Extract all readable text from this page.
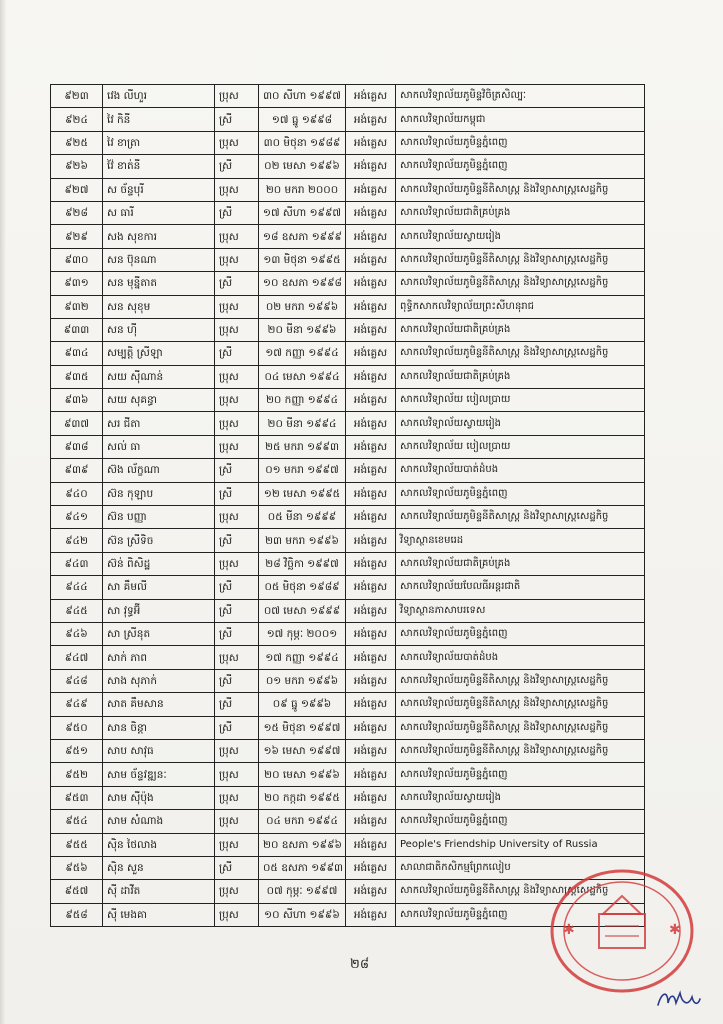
៩២៣	វេង លីហួរ	ប្រុស	៣០ សីហា ១៩៩៧	អង់គ្លេស	សាកលវិទ្យាល័យភូមិន្ទវិចិត្រសិល្បៈ
៩២៤	វៃ កិនី	ស្រី	១៧ ធ្នូ ១៩៩៨	អង់គ្លេស	សាកលវិទ្យាល័យកម្ពុជា
៩២៥	វៃ ខាត្រា	ប្រុស	៣០ មិថុនា ១៩៨៩	អង់គ្លេស	សាកលវិទ្យាល័យភូមិន្ទភ្នំពេញ
៩២៦	វ៉ៃ ខាត់នី	ស្រី	០២ មេសា ១៩៩៦	អង់គ្លេស	សាកលវិទ្យាល័យភូមិន្ទភ្នំពេញ
៩២៧	ស ច័ន្ទបុរី	ប្រុស	២០ មករា ២០០០	អង់គ្លេស	សាកលវិទ្យាល័យភូមិន្ទនីតិសាស្ត្រ និងវិទ្យាសាស្ត្រសេដ្ឋកិច្ច
៩២៨	ស ធារី	ស្រី	១៧ សីហា ១៩៩៧	អង់គ្លេស	សាកលវិទ្យាល័យជាតិគ្រប់គ្រង
៩២៩	សង សុខការ	ប្រុស	១៨ ឧសភា ១៩៩៩	អង់គ្លេស	សាកលវិទ្យាល័យស្វាយរៀង
៩៣០	សន ប៊ុនណា	ប្រុស	១៣ មិថុនា ១៩៩៥	អង់គ្លេស	សាកលវិទ្យាល័យភូមិន្ទនីតិសាស្ត្រ និងវិទ្យាសាស្ត្រសេដ្ឋកិច្ច
៩៣១	សន មុន្នីតាត	ស្រី	១០ ឧសភា ១៩៩៨	អង់គ្លេស	សាកលវិទ្យាល័យភូមិន្ទនីតិសាស្ត្រ និងវិទ្យាសាស្ត្រសេដ្ឋកិច្ច
៩៣២	សន សុខុម	ប្រុស	០២ មករា ១៩៩៦	អង់គ្លេស	ពុទ្ធិកសាកលវិទ្យាល័យព្រះសីហនុរាជ
៩៣៣	សន ហ៊ី	ប្រុស	២០ មីនា ១៩៩៦	អង់គ្លេស	សាកលវិទ្យាល័យជាតិគ្រប់គ្រង
៩៣៤	សម្បត្តិ ស្រីឡា	ស្រី	១៧ កញ្ញា ១៩៩៤	អង់គ្លេស	សាកលវិទ្យាល័យភូមិន្ទនីតិសាស្ត្រ និងវិទ្យាសាស្ត្រសេដ្ឋកិច្ច
៩៣៥	សយ ស៊ីណាន់	ប្រុស	០៤ មេសា ១៩៩៤	អង់គ្លេស	សាកលវិទ្យាល័យជាតិគ្រប់គ្រង
៩៣៦	សយ សុគន្ធា	ប្រុស	២០ កញ្ញា ១៩៩៤	អង់គ្លេស	សាកលវិទ្យាល័យ បៀលប្រាយ
៩៣៧	សរ ជីតា	ប្រុស	២០ មីនា ១៩៩៤	អង់គ្លេស	សាកលវិទ្យាល័យស្វាយរៀង
៩៣៨	សល់ ធា	ប្រុស	២៥ មករា ១៩៩៣	អង់គ្លេស	សាកលវិទ្យាល័យ បៀលប្រាយ
៩៣៩	ស៊ង ល័ក្ខណា	ស្រី	០១ មករា ១៩៩៧	អង់គ្លេស	សាកលវិទ្យាល័យបាត់ដំបង
៩៤០	ស៊ន កុឡាប	ស្រី	១២ មេសា ១៩៩៥	អង់គ្លេស	សាកលវិទ្យាល័យភូមិន្ទភ្នំពេញ
៩៤១	ស៊ន បញ្ញា	ប្រុស	០៥ មីនា ១៩៩៩	អង់គ្លេស	សាកលវិទ្យាល័យភូមិន្ទនីតិសាស្ត្រ និងវិទ្យាសាស្ត្រសេដ្ឋកិច្ច
៩៤២	ស៊ន ស្រីទិច	ស្រី	២៣ មករា ១៩៩៦	អង់គ្លេស	វិទ្យាស្ថានខេមរេដ
៩៤៣	ស៊ន់ ពិសិដ្ឋ	ប្រុស	២៨ វិច្ឆិកា ១៩៩៧	អង់គ្លេស	សាកលវិទ្យាល័យជាតិគ្រប់គ្រង
៩៤៤	សា គឹមលី	ស្រី	០៥ មិថុនា ១៩៨៩	អង់គ្លេស	សាកលវិទ្យាល័យបែលធីអន្តរជាតិ
៩៤៥	សា វុទ្ធអ៊ី	ស្រី	០៧ មេសា ១៩៩៩	អង់គ្លេស	វិទ្យាស្ថានភាសាបរទេស
៩៤៦	សា ស្រីនុត	ស្រី	១៧ កុម្ភៈ ២០០១	អង់គ្លេស	សាកលវិទ្យាល័យភូមិន្ទភ្នំពេញ
៩៤៧	សាក់ ភាព	ប្រុស	១៧ កញ្ញា ១៩៩៤	អង់គ្លេស	សាកលវិទ្យាល័យបាត់ដំបង
៩៤៨	សាង សុភាក់	ស្រី	០១ មករា ១៩៩៦	អង់គ្លេស	សាកលវិទ្យាល័យភូមិន្ទនីតិសាស្ត្រ និងវិទ្យាសាស្ត្រសេដ្ឋកិច្ច
៩៤៩	សាត គឹមសាន	ស្រី	០៩ ធ្នូ ១៩៩៦	អង់គ្លេស	សាកលវិទ្យាល័យភូមិន្ទនីតិសាស្ត្រ និងវិទ្យាសាស្ត្រសេដ្ឋកិច្ច
៩៥០	សាន ចិន្តា	ស្រី	១៥ មិថុនា ១៩៩៧	អង់គ្លេស	សាកលវិទ្យាល័យភូមិន្ទនីតិសាស្ត្រ និងវិទ្យាសាស្ត្រសេដ្ឋកិច្ច
៩៥១	សាប សាវុធ	ប្រុស	១៦ មេសា ១៩៩៧	អង់គ្លេស	សាកលវិទ្យាល័យភូមិន្ទនីតិសាស្ត្រ និងវិទ្យាសាស្ត្រសេដ្ឋកិច្ច
៩៥២	សាម ច័ន្ទវឌ្ឍនៈ	ប្រុស	២០ មេសា ១៩៩៦	អង់គ្លេស	សាកលវិទ្យាល័យភូមិន្ទភ្នំពេញ
៩៥៣	សាម ស៊ីប៉ុង	ប្រុស	២០ កក្កដា ១៩៩៥	អង់គ្លេស	សាកលវិទ្យាល័យស្វាយរៀង
៩៥៤	សាម សំណាង	ប្រុស	០៤ មករា ១៩៩៤	អង់គ្លេស	សាកលវិទ្យាល័យភូមិន្ទភ្នំពេញ
៩៥៥	ស៊ិន ថៃលាង	ប្រុស	២០ ឧសភា ១៩៩៦	អង់គ្លេស	People's Friendship University of Russia
៩៥៦	ស៊ិន សួន	ស្រី	០៥ ឧសភា ១៩៩៣	អង់គ្លេស	សាលាជាតិកសិកម្មព្រែកលៀប
៩៥៧	ស៊ី ដាវីត	ប្រុស	០៧ កុម្ភៈ ១៩៩៧	អង់គ្លេស	សាកលវិទ្យាល័យភូមិន្ទនីតិសាស្ត្រ និងវិទ្យាសាស្ត្រសេដ្ឋកិច្ច
៩៥៨	ស៊ី មេងគា	ប្រុស	១០ សីហា ១៩៩៦	អង់គ្លេស	សាកលវិទ្យាល័យភូមិន្ទភ្នំពេញ
២៨
✱	✱
